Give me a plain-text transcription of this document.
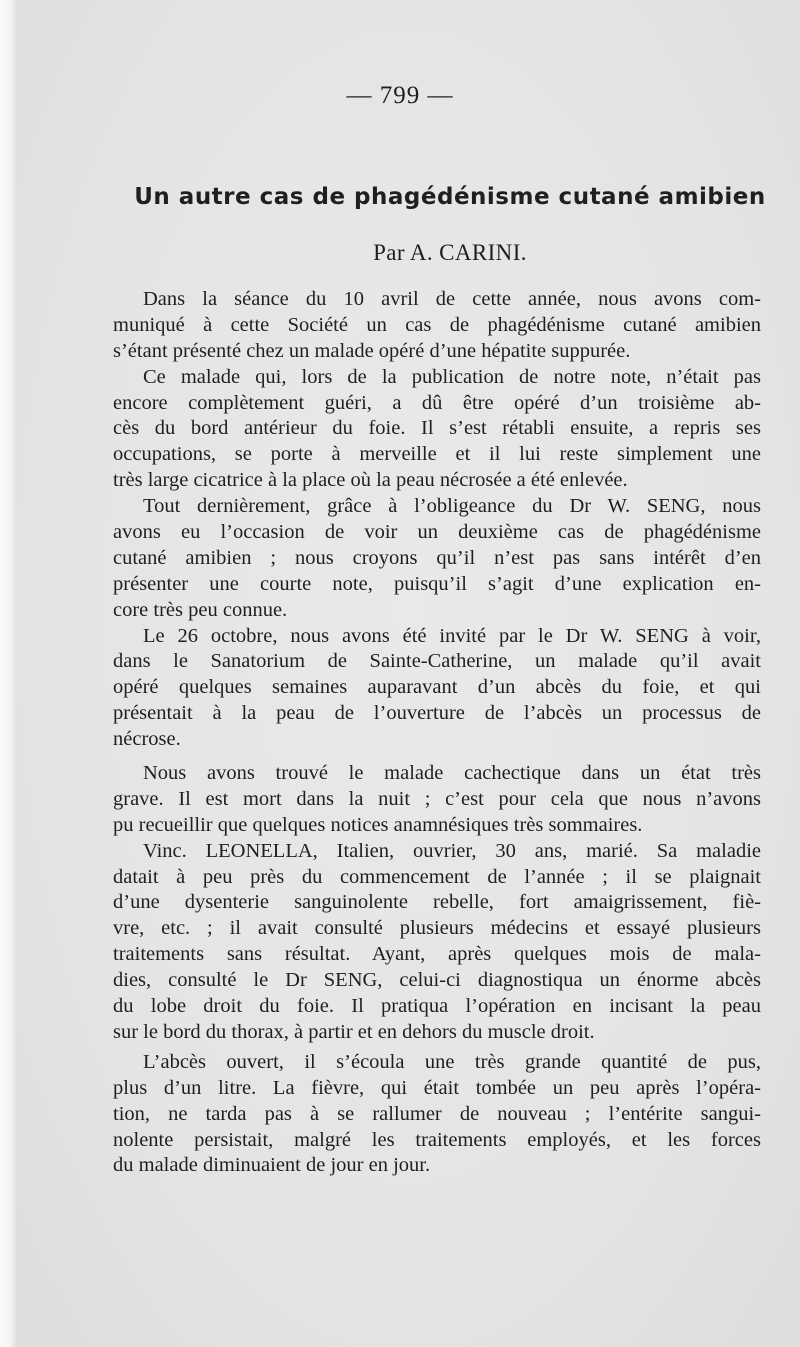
— 799 —
Un autre cas de phagédénisme cutané amibien
Par A. CARINI.
Dans la séance du 10 avril de cette année, nous avons com-
muniqué à cette Société un cas de phagédénisme cutané amibien
s’étant présenté chez un malade opéré d’une hépatite suppurée.
Ce malade qui, lors de la publication de notre note, n’était pas
encore complètement guéri, a dû être opéré d’un troisième ab-
cès du bord antérieur du foie. Il s’est rétabli ensuite, a repris ses
occupations, se porte à merveille et il lui reste simplement une
très large cicatrice à la place où la peau nécrosée a été enlevée.
Tout dernièrement, grâce à l’obligeance du Dr W. SENG, nous
avons eu l’occasion de voir un deuxième cas de phagédénisme
cutané amibien ; nous croyons qu’il n’est pas sans intérêt d’en
présenter une courte note, puisqu’il s’agit d’une explication en-
core très peu connue.
Le 26 octobre, nous avons été invité par le Dr W. SENG à voir,
dans le Sanatorium de Sainte-Catherine, un malade qu’il avait
opéré quelques semaines auparavant d’un abcès du foie, et qui
présentait à la peau de l’ouverture de l’abcès un processus de
nécrose.
Nous avons trouvé le malade cachectique dans un état très
grave. Il est mort dans la nuit ; c’est pour cela que nous n’avons
pu recueillir que quelques notices anamnésiques très sommaires.
Vinc. LEONELLA, Italien, ouvrier, 30 ans, marié. Sa maladie
datait à peu près du commencement de l’année ; il se plaignait
d’une dysenterie sanguinolente rebelle, fort amaigrissement, fiè-
vre, etc. ; il avait consulté plusieurs médecins et essayé plusieurs
traitements sans résultat. Ayant, après quelques mois de mala-
dies, consulté le Dr SENG, celui-ci diagnostiqua un énorme abcès
du lobe droit du foie. Il pratiqua l’opération en incisant la peau
sur le bord du thorax, à partir et en dehors du muscle droit.
L’abcès ouvert, il s’écoula une très grande quantité de pus,
plus d’un litre. La fièvre, qui était tombée un peu après l’opéra-
tion, ne tarda pas à se rallumer de nouveau ; l’entérite sangui-
nolente persistait, malgré les traitements employés, et les forces
du malade diminuaient de jour en jour.
